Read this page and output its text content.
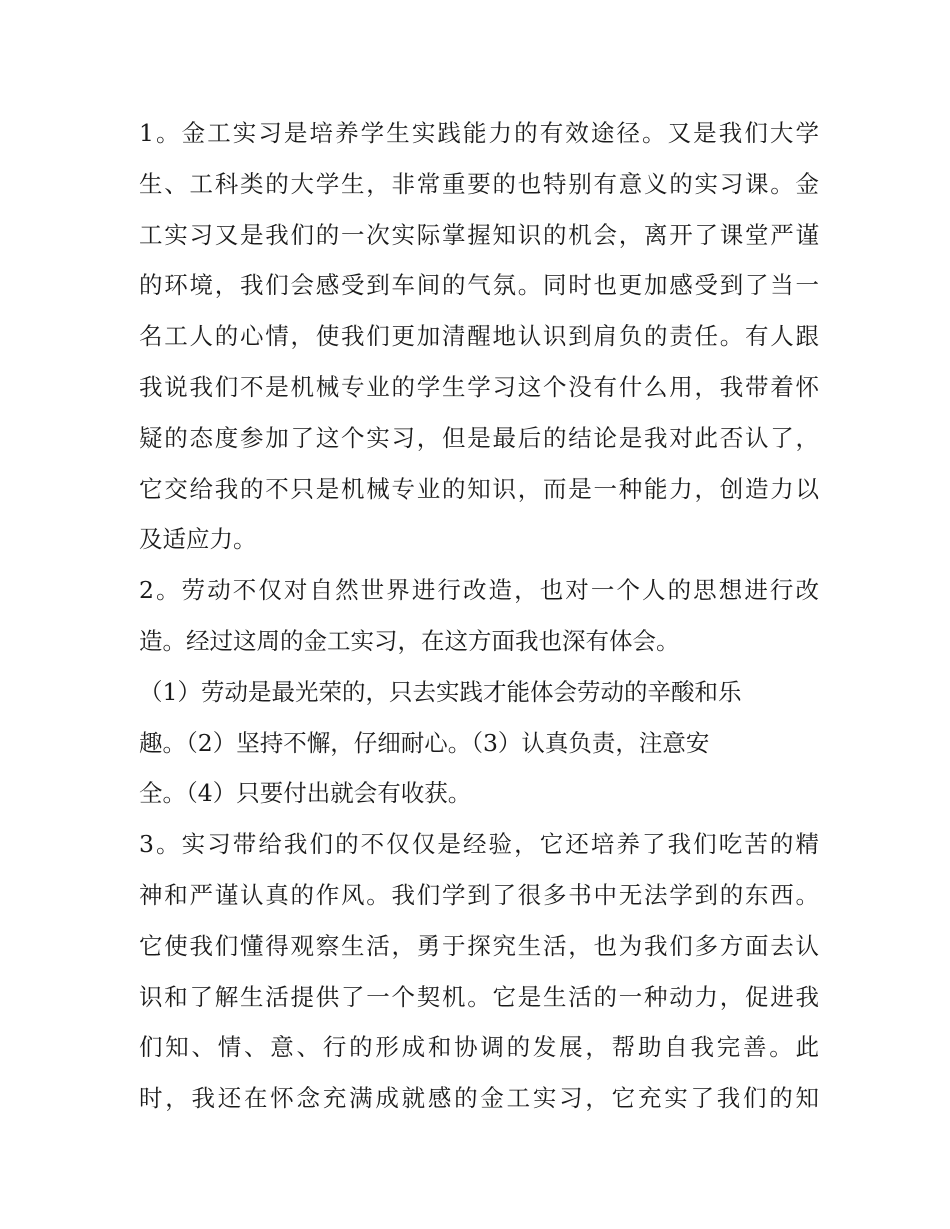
1。金工实习是培养学生实践能力的有效途径。又是我们大学
生、工科类的大学生，非常重要的也特别有意义的实习课。金
工实习又是我们的一次实际掌握知识的机会，离开了课堂严谨
的环境，我们会感受到车间的气氛。同时也更加感受到了当一
名工人的心情，使我们更加清醒地认识到肩负的责任。有人跟
我说我们不是机械专业的学生学习这个没有什么用，我带着怀
疑的态度参加了这个实习，但是最后的结论是我对此否认了，
它交给我的不只是机械专业的知识，而是一种能力，创造力以
及适应力。
2。劳动不仅对自然世界进行改造，也对一个人的思想进行改
造。经过这周的金工实习，在这方面我也深有体会。
（1）劳动是最光荣的，只去实践才能体会劳动的辛酸和乐
趣。（2）坚持不懈，仔细耐心。（3）认真负责，注意安
全。（4）只要付出就会有收获。
3。实习带给我们的不仅仅是经验，它还培养了我们吃苦的精
神和严谨认真的作风。我们学到了很多书中无法学到的东西。
它使我们懂得观察生活，勇于探究生活，也为我们多方面去认
识和了解生活提供了一个契机。它是生活的一种动力，促进我
们知、情、意、行的形成和协调的发展，帮助自我完善。此
时，我还在怀念充满成就感的金工实习，它充实了我们的知
